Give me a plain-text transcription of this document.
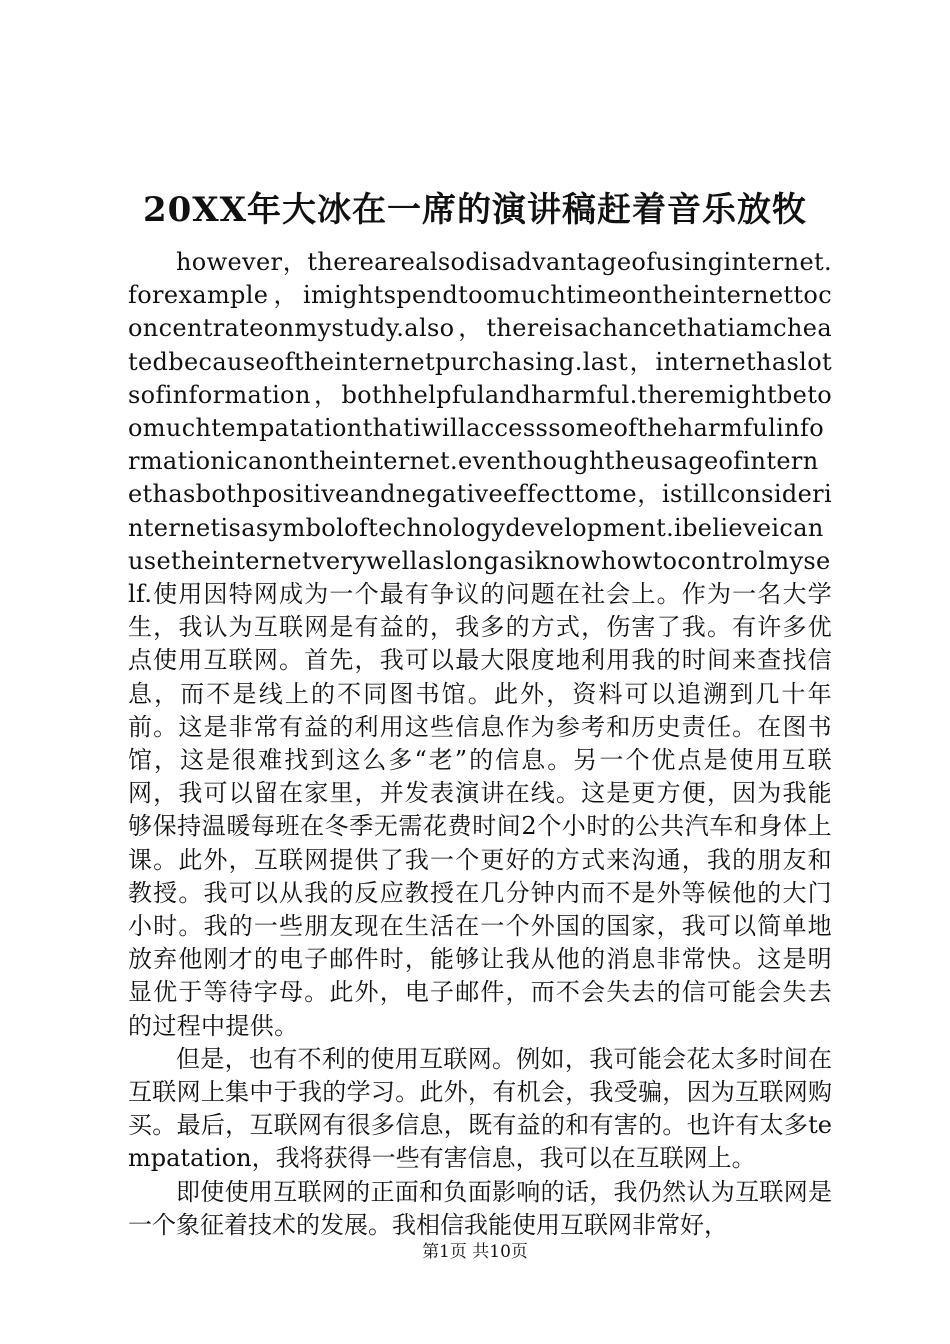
20XX年大冰在一席的演讲稿赶着音乐放牧

however，therearealsodisadvantageofusinginternet.forexample，imightspendtoomuchtimeontheinternettoconcentrateonmystudy.also，thereisachancethatiamcheatedbecauseoftheinternetpurchasing.last，internethaslotsofinformation，bothhelpfulandharmful.theremightbetoomuchtempatationthatiwillaccesssomeoftheharmfulinformationicanontheinternet.eventhoughtheusageofinternethasbothpositiveandnegativeeffecttome，istillconsiderinternetisasymboloftechnologydevelopment.ibelieveicanusetheinternetverywellaslongasiknowhowtocontrolmyself.使用因特网成为一个最有争议的问题在社会上。作为一名大学生，我认为互联网是有益的，我多的方式，伤害了我。有许多优点使用互联网。首先，我可以最大限度地利用我的时间来查找信息，而不是线上的不同图书馆。此外，资料可以追溯到几十年前。这是非常有益的利用这些信息作为参考和历史责任。在图书馆，这是很难找到这么多“老”的信息。另一个优点是使用互联网，我可以留在家里，并发表演讲在线。这是更方便，因为我能够保持温暖每班在冬季无需花费时间2个小时的公共汽车和身体上课。此外，互联网提供了我一个更好的方式来沟通，我的朋友和教授。我可以从我的反应教授在几分钟内而不是外等候他的大门小时。我的一些朋友现在生活在一个外国的国家，我可以简单地放弃他刚才的电子邮件时，能够让我从他的消息非常快。这是明显优于等待字母。此外，电子邮件，而不会失去的信可能会失去的过程中提供。

但是，也有不利的使用互联网。例如，我可能会花太多时间在互联网上集中于我的学习。此外，有机会，我受骗，因为互联网购买。最后，互联网有很多信息，既有益的和有害的。也许有太多tempatation，我将获得一些有害信息，我可以在互联网上。

即使使用互联网的正面和负面影响的话，我仍然认为互联网是一个象征着技术的发展。我相信我能使用互联网非常好，

第1页 共10页
